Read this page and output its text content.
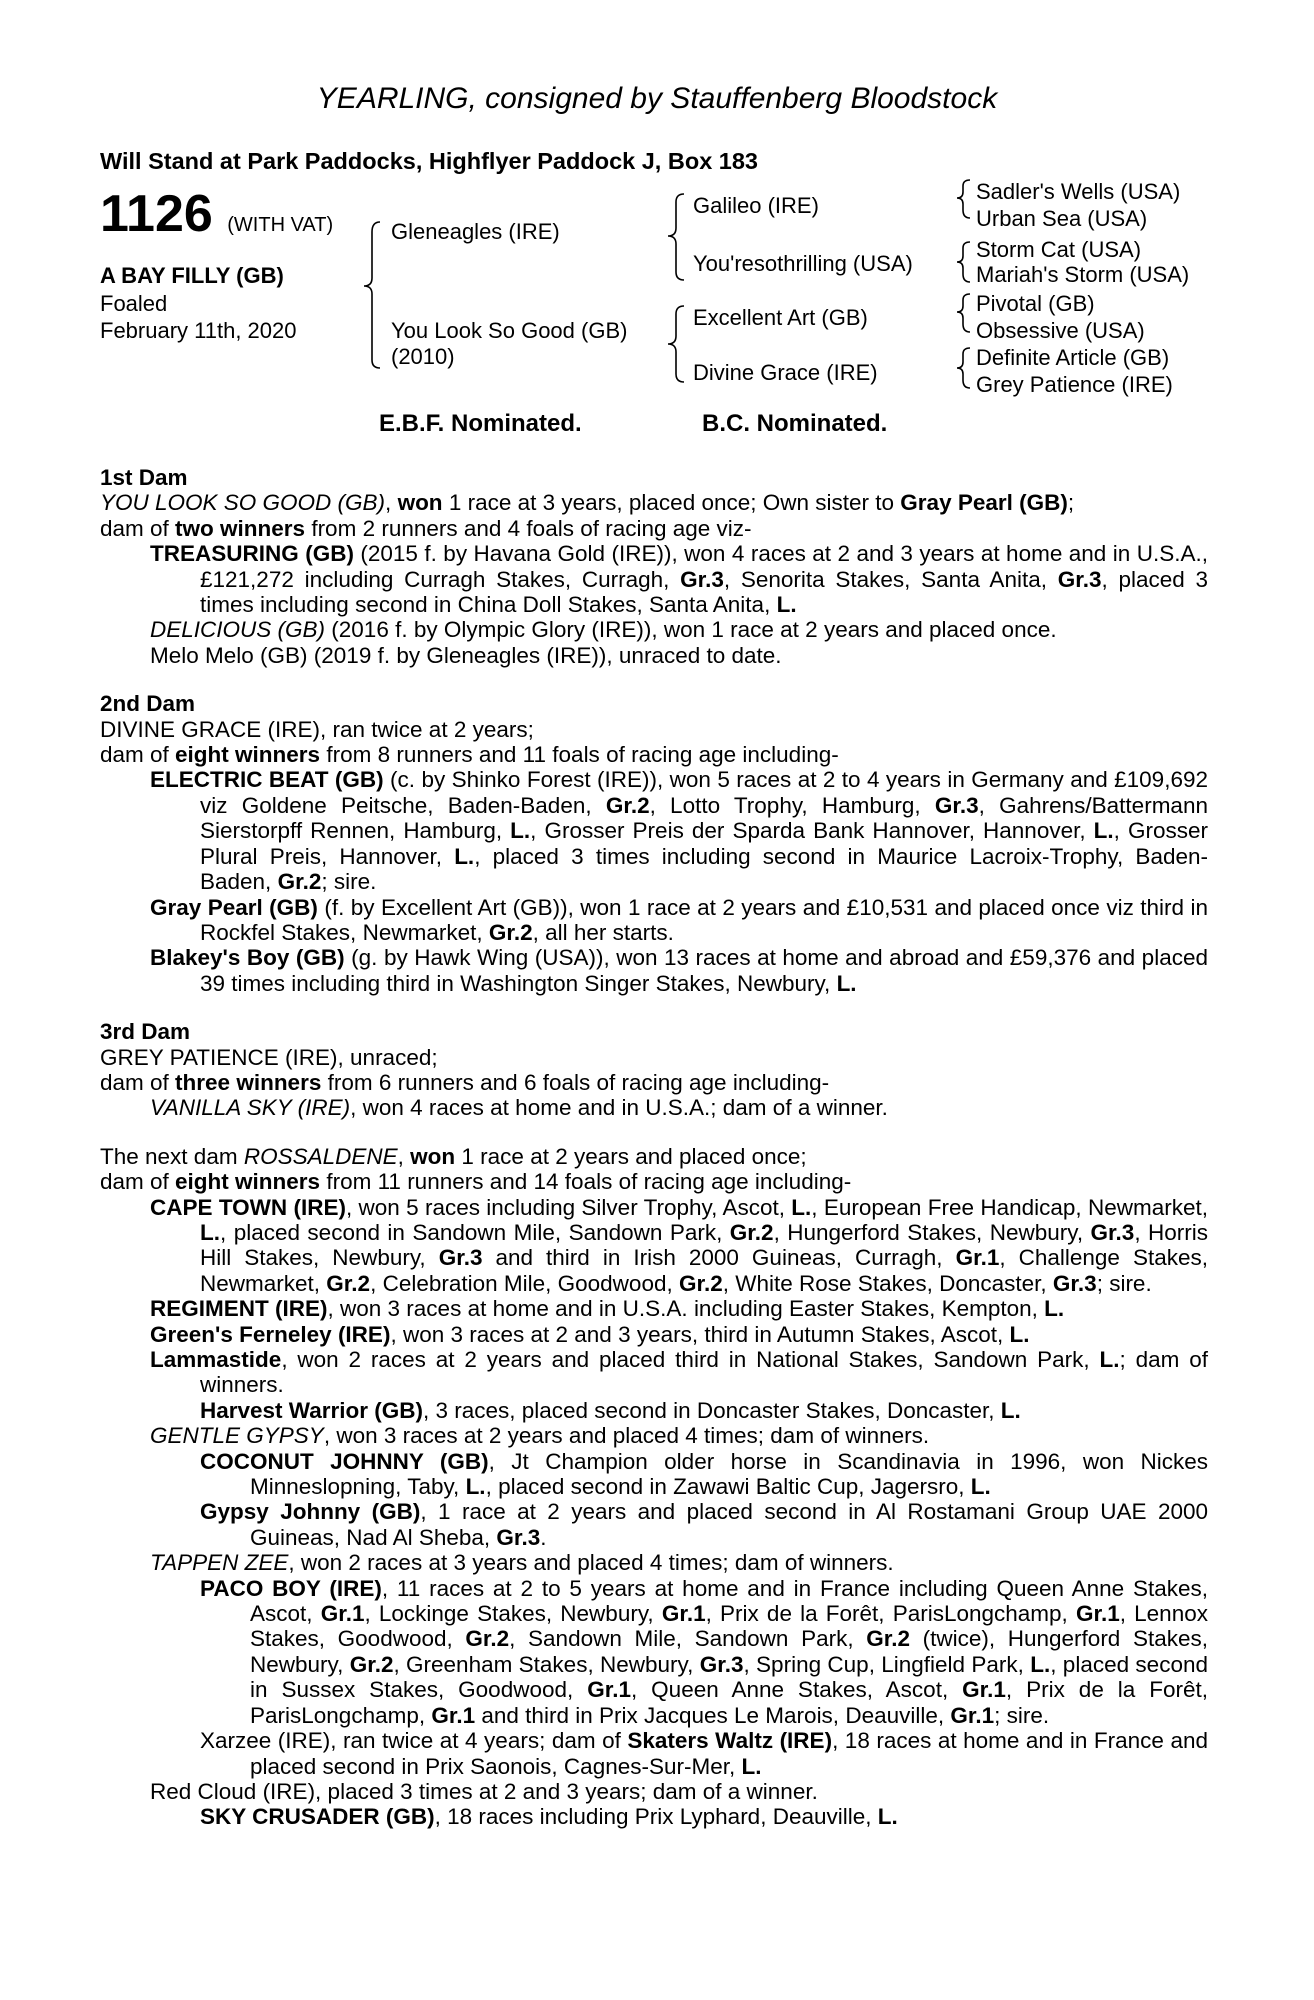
YEARLING, consigned by Stauffenberg Bloodstock
Will Stand at Park Paddocks, Highflyer Paddock J, Box 183
1126 (WITH VAT)
A BAY FILLY (GB)
Foaled
February 11th, 2020
Gleneagles (IRE)
You Look So Good (GB)
(2010)
Galileo (IRE)
You'resothrilling (USA)
Excellent Art (GB)
Divine Grace (IRE)
Sadler's Wells (USA)
Urban Sea (USA)
Storm Cat (USA)
Mariah's Storm (USA)
Pivotal (GB)
Obsessive (USA)
Definite Article (GB)
Grey Patience (IRE)
E.B.F. Nominated.	B.C. Nominated.
1st Dam
YOU LOOK SO GOOD (GB), won 1 race at 3 years, placed once; Own sister to Gray Pearl (GB);
dam of two winners from 2 runners and 4 foals of racing age viz-
TREASURING (GB) (2015 f. by Havana Gold (IRE)), won 4 races at 2 and 3 years at home and in U.S.A., £121,272 including Curragh Stakes, Curragh, Gr.3, Senorita Stakes, Santa Anita, Gr.3, placed 3 times including second in China Doll Stakes, Santa Anita, L.
DELICIOUS (GB) (2016 f. by Olympic Glory (IRE)), won 1 race at 2 years and placed once.
Melo Melo (GB) (2019 f. by Gleneagles (IRE)), unraced to date.
2nd Dam
DIVINE GRACE (IRE), ran twice at 2 years;
dam of eight winners from 8 runners and 11 foals of racing age including-
ELECTRIC BEAT (GB) (c. by Shinko Forest (IRE)), won 5 races at 2 to 4 years in Germany and £109,692 viz Goldene Peitsche, Baden-Baden, Gr.2, Lotto Trophy, Hamburg, Gr.3, Gahrens/Battermann Sierstorpff Rennen, Hamburg, L., Grosser Preis der Sparda Bank Hannover, Hannover, L., Grosser Plural Preis, Hannover, L., placed 3 times including second in Maurice Lacroix-Trophy, Baden-Baden, Gr.2; sire.
Gray Pearl (GB) (f. by Excellent Art (GB)), won 1 race at 2 years and £10,531 and placed once viz third in Rockfel Stakes, Newmarket, Gr.2, all her starts.
Blakey's Boy (GB) (g. by Hawk Wing (USA)), won 13 races at home and abroad and £59,376 and placed 39 times including third in Washington Singer Stakes, Newbury, L.
3rd Dam
GREY PATIENCE (IRE), unraced;
dam of three winners from 6 runners and 6 foals of racing age including-
VANILLA SKY (IRE), won 4 races at home and in U.S.A.; dam of a winner.
The next dam ROSSALDENE, won 1 race at 2 years and placed once;
dam of eight winners from 11 runners and 14 foals of racing age including-
CAPE TOWN (IRE), won 5 races including Silver Trophy, Ascot, L., European Free Handicap, Newmarket, L., placed second in Sandown Mile, Sandown Park, Gr.2, Hungerford Stakes, Newbury, Gr.3, Horris Hill Stakes, Newbury, Gr.3 and third in Irish 2000 Guineas, Curragh, Gr.1, Challenge Stakes, Newmarket, Gr.2, Celebration Mile, Goodwood, Gr.2, White Rose Stakes, Doncaster, Gr.3; sire.
REGIMENT (IRE), won 3 races at home and in U.S.A. including Easter Stakes, Kempton, L.
Green's Ferneley (IRE), won 3 races at 2 and 3 years, third in Autumn Stakes, Ascot, L.
Lammastide, won 2 races at 2 years and placed third in National Stakes, Sandown Park, L.; dam of winners.
Harvest Warrior (GB), 3 races, placed second in Doncaster Stakes, Doncaster, L.
GENTLE GYPSY, won 3 races at 2 years and placed 4 times; dam of winners.
COCONUT JOHNNY (GB), Jt Champion older horse in Scandinavia in 1996, won Nickes Minneslopning, Taby, L., placed second in Zawawi Baltic Cup, Jagersro, L.
Gypsy Johnny (GB), 1 race at 2 years and placed second in Al Rostamani Group UAE 2000 Guineas, Nad Al Sheba, Gr.3.
TAPPEN ZEE, won 2 races at 3 years and placed 4 times; dam of winners.
PACO BOY (IRE), 11 races at 2 to 5 years at home and in France including Queen Anne Stakes, Ascot, Gr.1, Lockinge Stakes, Newbury, Gr.1, Prix de la Forêt, ParisLongchamp, Gr.1, Lennox Stakes, Goodwood, Gr.2, Sandown Mile, Sandown Park, Gr.2 (twice), Hungerford Stakes, Newbury, Gr.2, Greenham Stakes, Newbury, Gr.3, Spring Cup, Lingfield Park, L., placed second in Sussex Stakes, Goodwood, Gr.1, Queen Anne Stakes, Ascot, Gr.1, Prix de la Forêt, ParisLongchamp, Gr.1 and third in Prix Jacques Le Marois, Deauville, Gr.1; sire.
Xarzee (IRE), ran twice at 4 years; dam of Skaters Waltz (IRE), 18 races at home and in France and placed second in Prix Saonois, Cagnes-Sur-Mer, L.
Red Cloud (IRE), placed 3 times at 2 and 3 years; dam of a winner.
SKY CRUSADER (GB), 18 races including Prix Lyphard, Deauville, L.
